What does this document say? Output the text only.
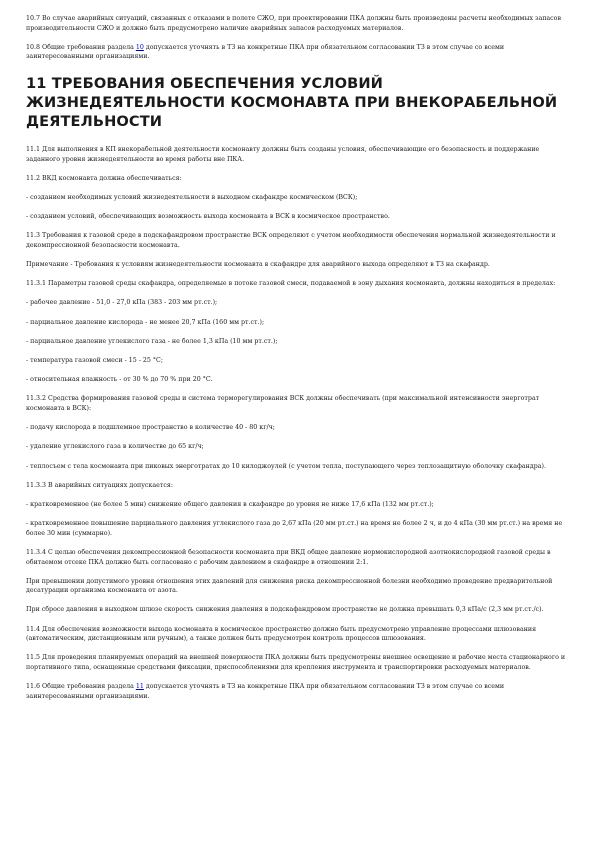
10.7 Во случае аварийных ситуаций, связанных с отказами в полете СЖО, при проектировании ПКА должны быть произведены расчеты необходимых запасов производительности СЖО и должно быть предусмотрено наличие аварийных запасов расходуемых материалов.

10.8 Общие требования раздела 10 допускается уточнять в ТЗ на конкретные ПКА при обязательном согласовании ТЗ в этом случае со всеми заинтересованными организациями.

11 ТРЕБОВАНИЯ ОБЕСПЕЧЕНИЯ УСЛОВИЙ ЖИЗНЕДЕЯТЕЛЬНОСТИ КОСМОНАВТА ПРИ ВНЕКОРАБЕЛЬНОЙ ДЕЯТЕЛЬНОСТИ

11.1 Для выполнения в КП внекорабельной деятельности космонавту должны быть созданы условия, обеспечивающие его безопасность и поддержание заданного уровня жизнедеятельности во время работы вне ПКА.

11.2 ВКД космонавта должна обеспечиваться:

- созданием необходимых условий жизнедеятельности в выходном скафандре космическом (ВСК);

- созданием условий, обеспечивающих возможность выхода космонавта в ВСК в космическое пространство.

11.3 Требования к газовой среде в подскафандровом пространстве ВСК определяют с учетом необходимости обеспечения нормальной жизнедеятельности и декомпрессионной безопасности космонавта.

Примечание - Требования к условиям жизнедеятельности космонавта в скафандре для аварийного выхода определяют в ТЗ на скафандр.

11.3.1 Параметры газовой среды скафандра, определяемые в потоке газовой смеси, подаваемой в зону дыхания космонавта, должны находиться в пределах:

- рабочее давление - 51,0 - 27,0 кПа (383 - 203 мм рт.ст.);

- парциальное давление кислорода - не менее 20,7 кПа (160 мм рт.ст.);

- парциальное давление углекислого газа - не более 1,3 кПа (10 мм рт.ст.);

- температура газовой смеси - 15 - 25 °С;

- относительная влажность - от 30 % до 70 % при 20 °С.

11.3.2 Средства формирования газовой среды и система терморегулирования ВСК должны обеспечивать (при максимальной интенсивности энерготрат космонавта в ВСК):

- подачу кислорода в подшлемное пространство в количестве 40 - 80 кг/ч;

- удаление углекислого газа в количестве до 65 кг/ч;

- теплосъем с тела космонавта при пиковых энерготратах до 10 килоджоулей (с учетом тепла, поступающего через теплозащитную оболочку скафандра).

11.3.3 В аварийных ситуациях допускается:

- кратковременное (не более 5 мин) снижение общего давления в скафандре до уровня не ниже 17,6 кПа (132 мм рт.ст.);

- кратковременное повышение парциального давления углекислого газа до 2,67 кПа (20 мм рт.ст.) на время не более 2 ч, и до 4 кПа (30 мм рт.ст.) на время не более 30 мин (суммарно).

11.3.4 С целью обеспечения декомпрессионной безопасности космонавта при ВКД общее давление нормокислородной азотнокислородной газовой среды в обитаемом отсеке ПКА должно быть согласовано с рабочим давлением в скафандре в отношении 2:1.

При превышении допустимого уровня отношения этих давлений для снижения риска декомпрессионной болезни необходимо проведение предварительной десатурации организма космонавта от азота.

При сбросе давления в выходном шлюзе скорость снижения давления в подскафандровом пространстве не должна превышать 0,3 кПа/с (2,3 мм рт.ст./с).

11.4 Для обеспечения возможности выхода космонавта в космическое пространство должно быть предусмотрено управление процессами шлюзования (автоматическим, дистанционным или ручным), а также должен быть предусмотрен контроль процессов шлюзования.

11.5 Для проведения планируемых операций на внешней поверхности ПКА должны быть предусмотрены внешнее освещение и рабочие места стационарного и портативного типа, оснащенные средствами фиксации, приспособлениями для крепления инструмента и транспортировки расходуемых материалов.

11.6 Общие требования раздела 11 допускается уточнять в ТЗ на конкретные ПКА при обязательном согласовании ТЗ в этом случае со всеми заинтересованными организациями.
